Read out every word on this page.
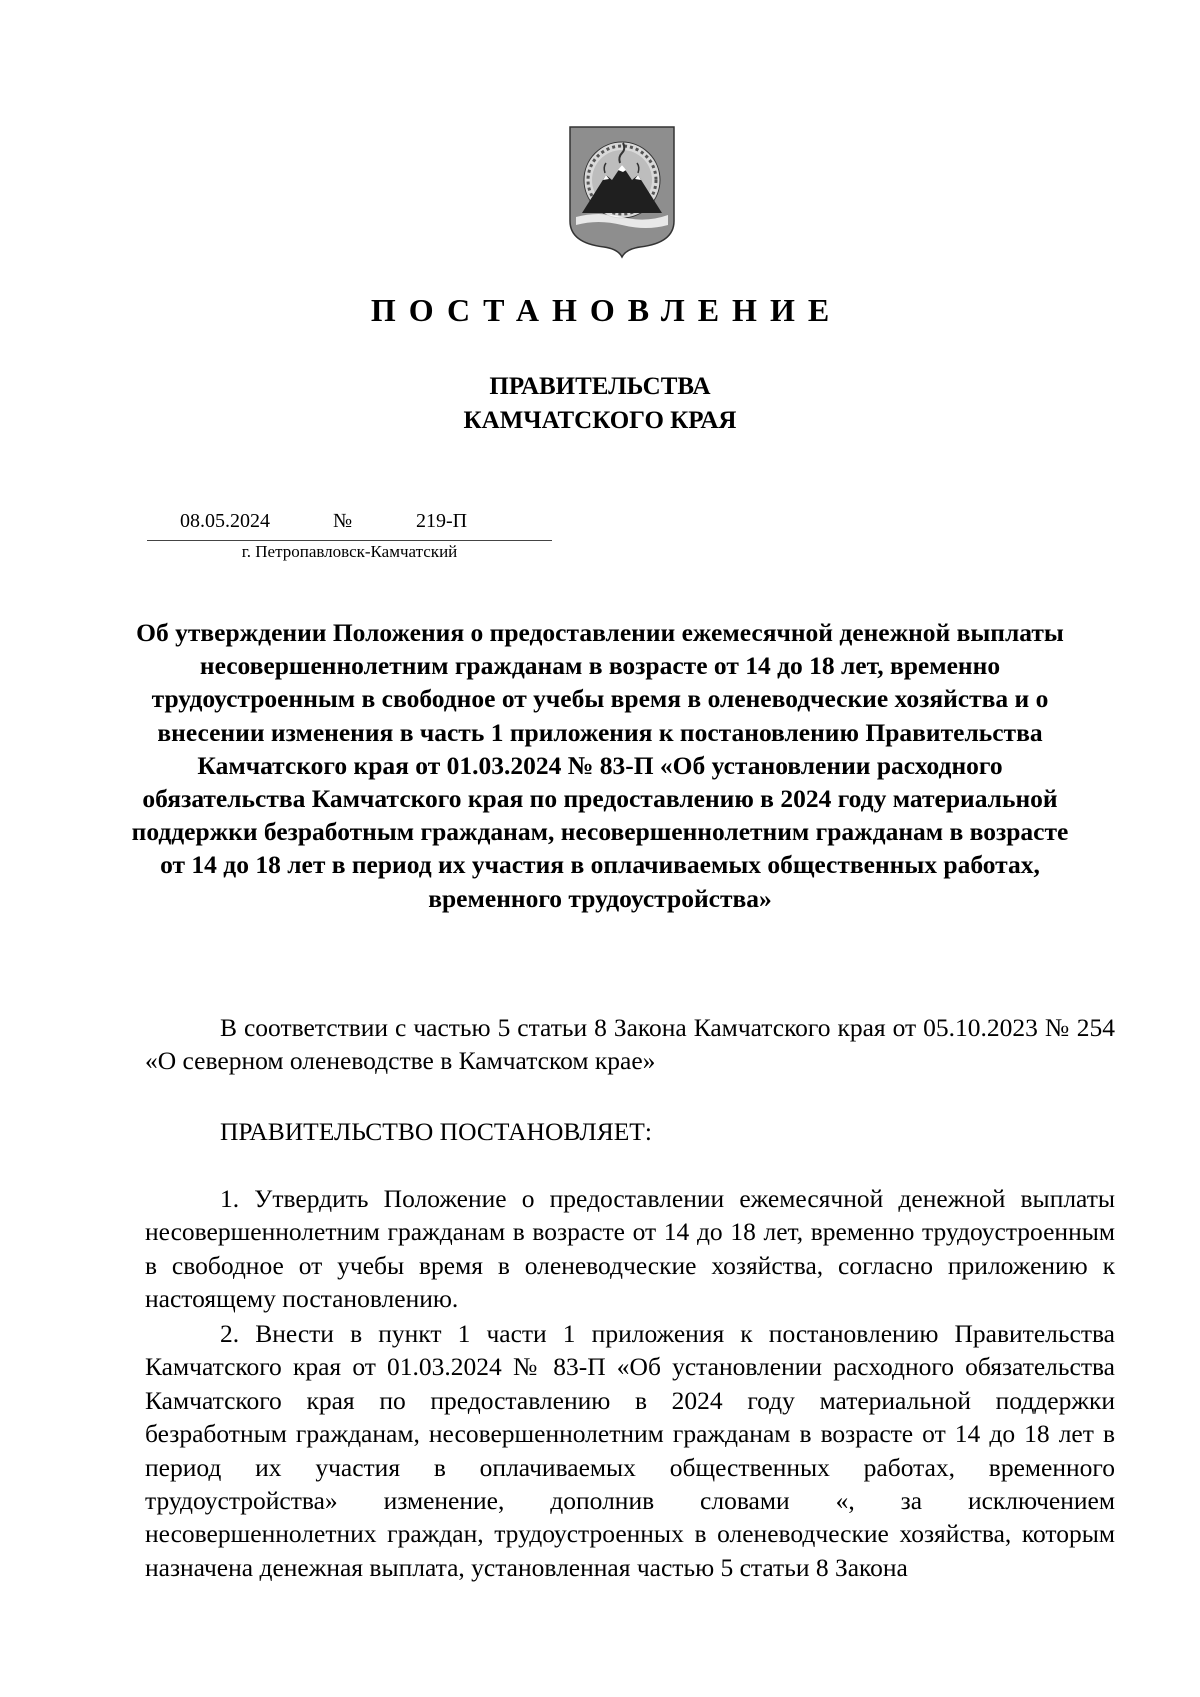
ПОСТАНОВЛЕНИЕ
ПРАВИТЕЛЬСТВА
КАМЧАТСКОГО КРАЯ
08.05.2024	№	219-П
г. Петропавловск-Камчатский
Об утверждении Положения о предоставлении ежемесячной денежной выплаты несовершеннолетним гражданам в возрасте от 14 до 18 лет, временно трудоустроенным в свободное от учебы время в оленеводческие хозяйства и о внесении изменения в часть 1 приложения к постановлению Правительства Камчатского края от 01.03.2024 № 83-П «Об установлении расходного обязательства Камчатского края по предоставлению в 2024 году материальной поддержки безработным гражданам, несовершеннолетним гражданам в возрасте от 14 до 18 лет в период их участия в оплачиваемых общественных работах, временного трудоустройства»
В соответствии с частью 5 статьи 8 Закона Камчатского края от 05.10.2023 № 254 «О северном оленеводстве в Камчатском крае»
ПРАВИТЕЛЬСТВО ПОСТАНОВЛЯЕТ:
1. Утвердить Положение о предоставлении ежемесячной денежной выплаты несовершеннолетним гражданам в возрасте от 14 до 18 лет, временно трудоустроенным в свободное от учебы время в оленеводческие хозяйства, согласно приложению к настоящему постановлению.
2. Внести в пункт 1 части 1 приложения к постановлению Правительства Камчатского края от 01.03.2024 № 83-П «Об установлении расходного обязательства Камчатского края по предоставлению в 2024 году материальной поддержки безработным гражданам, несовершеннолетним гражданам в возрасте от 14 до 18 лет в период их участия в оплачиваемых общественных работах, временного трудоустройства» изменение, дополнив словами «, за исключением несовершеннолетних граждан, трудоустроенных в оленеводческие хозяйства, которым назначена денежная выплата, установленная частью 5 статьи 8 Закона
